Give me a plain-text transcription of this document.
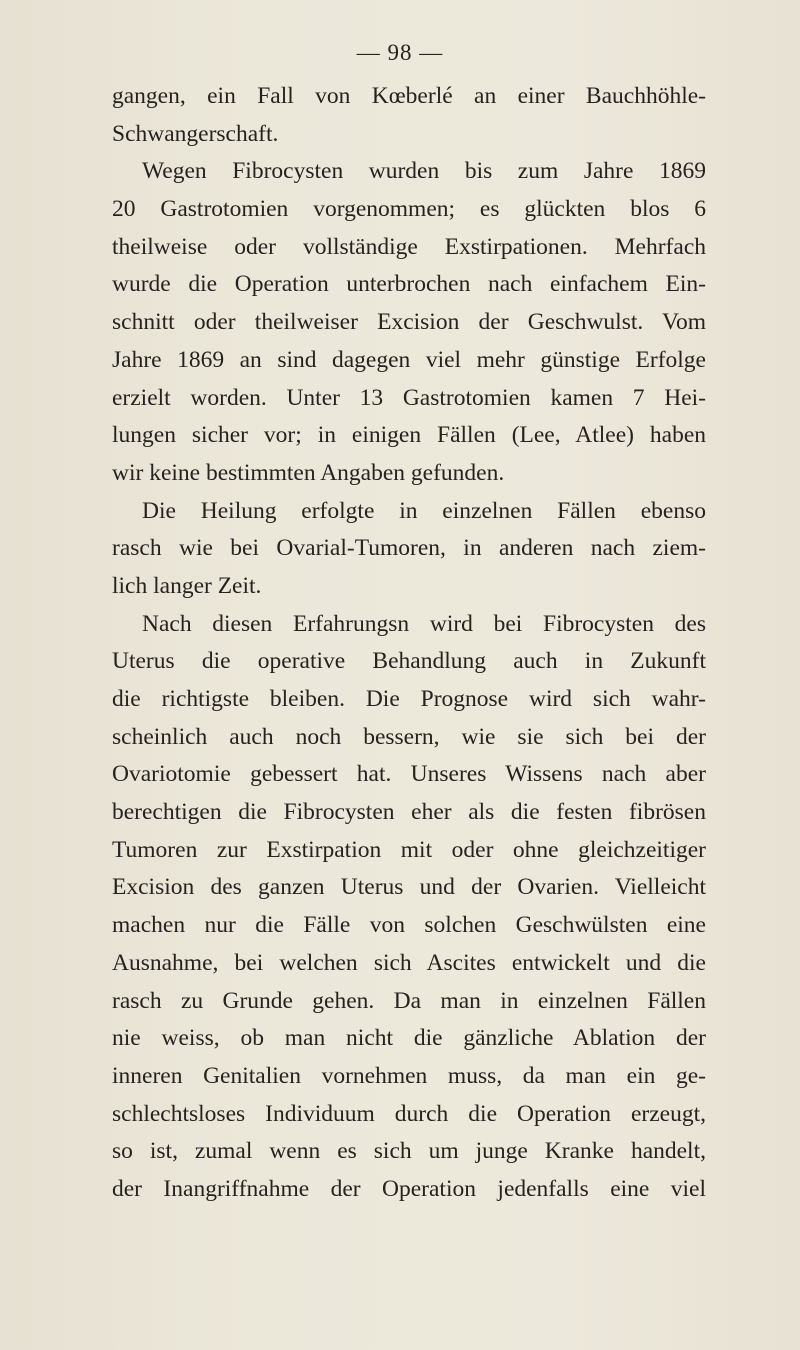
— 98 —
gangen, ein Fall von Kœberlé an einer Bauchhöhle-
Schwangerschaft.
Wegen Fibrocysten wurden bis zum Jahre 1869
20 Gastrotomien vorgenommen; es glückten blos 6
theilweise oder vollständige Exstirpationen. Mehrfach
wurde die Operation unterbrochen nach einfachem Ein-
schnitt oder theilweiser Excision der Geschwulst. Vom
Jahre 1869 an sind dagegen viel mehr günstige Erfolge
erzielt worden. Unter 13 Gastrotomien kamen 7 Hei-
lungen sicher vor; in einigen Fällen (Lee, Atlee) haben
wir keine bestimmten Angaben gefunden.
Die Heilung erfolgte in einzelnen Fällen ebenso
rasch wie bei Ovarial-Tumoren, in anderen nach ziem-
lich langer Zeit.
Nach diesen Erfahrungsn wird bei Fibrocysten des
Uterus die operative Behandlung auch in Zukunft
die richtigste bleiben. Die Prognose wird sich wahr-
scheinlich auch noch bessern, wie sie sich bei der
Ovariotomie gebessert hat. Unseres Wissens nach aber
berechtigen die Fibrocysten eher als die festen fibrösen
Tumoren zur Exstirpation mit oder ohne gleichzeitiger
Excision des ganzen Uterus und der Ovarien. Vielleicht
machen nur die Fälle von solchen Geschwülsten eine
Ausnahme, bei welchen sich Ascites entwickelt und die
rasch zu Grunde gehen. Da man in einzelnen Fällen
nie weiss, ob man nicht die gänzliche Ablation der
inneren Genitalien vornehmen muss, da man ein ge-
schlechtsloses Individuum durch die Operation erzeugt,
so ist, zumal wenn es sich um junge Kranke handelt,
der Inangriffnahme der Operation jedenfalls eine viel
